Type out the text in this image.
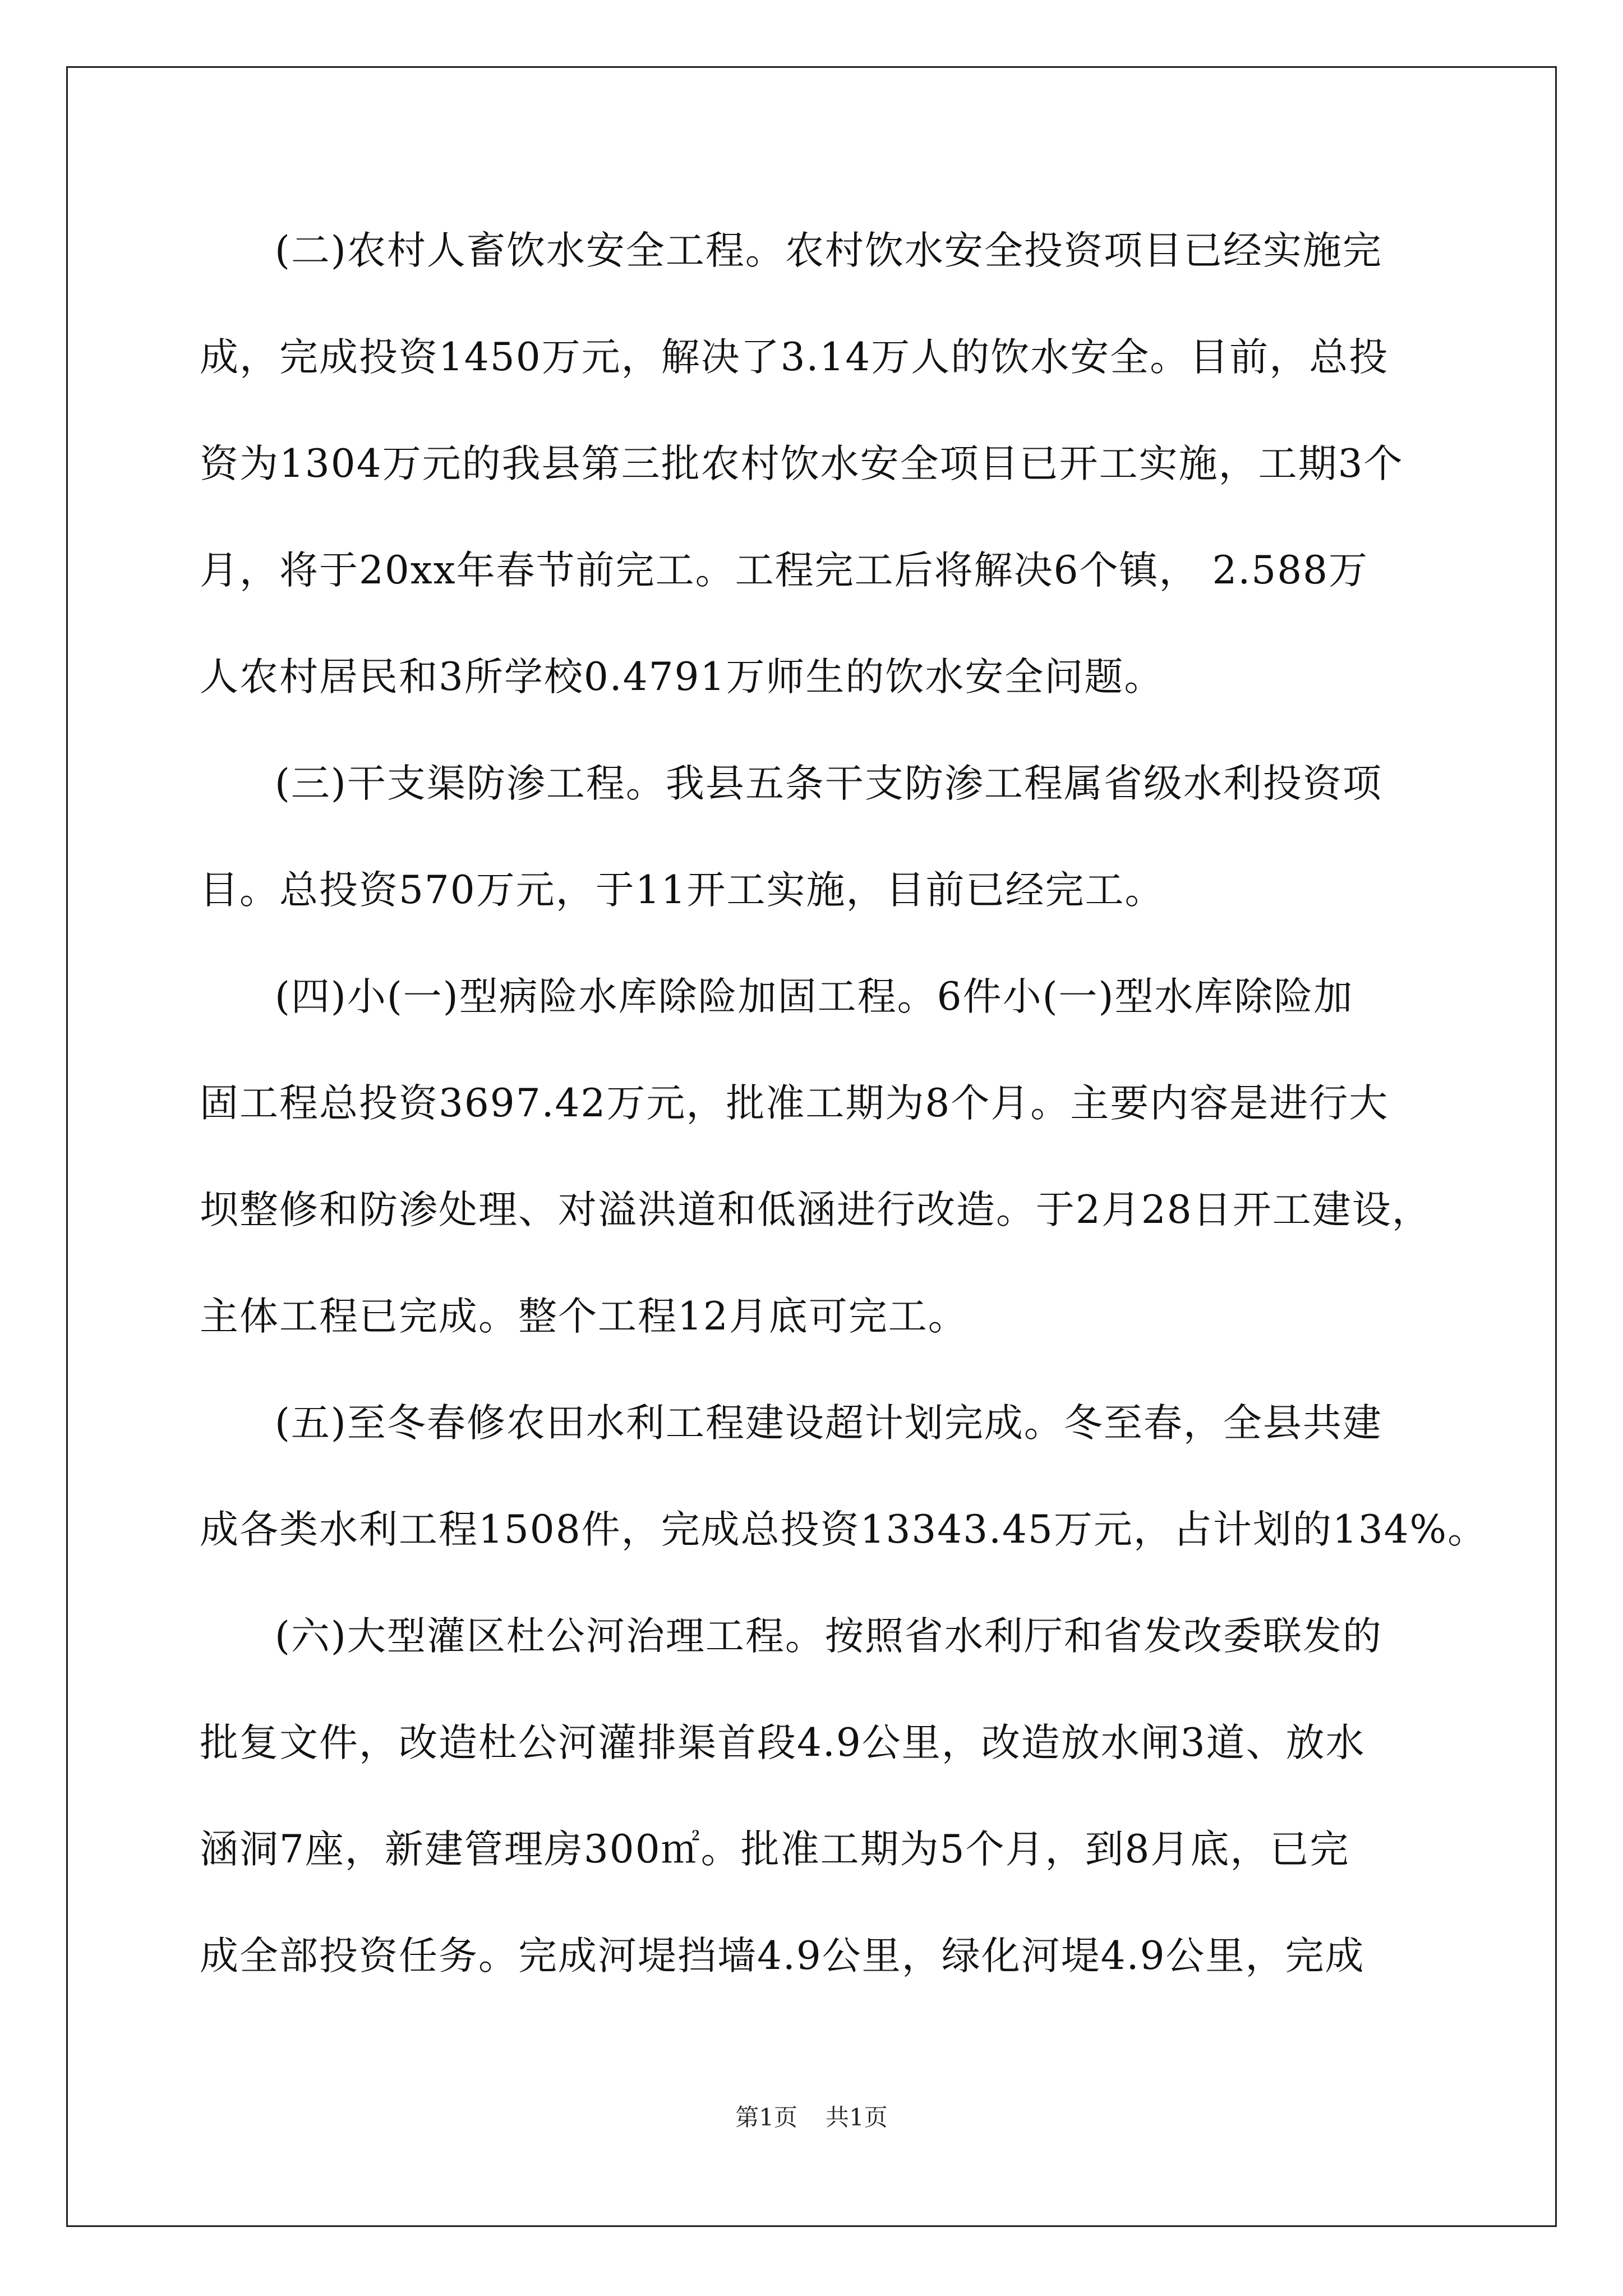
(二)农村人畜饮水安全工程。农村饮水安全投资项目已经实施完
成，完成投资1450万元，解决了3.14万人的饮水安全。目前，总投
资为1304万元的我县第三批农村饮水安全项目已开工实施，工期3个
月，将于20xx年春节前完工。工程完工后将解决6个镇， 2.588万
人农村居民和3所学校0.4791万师生的饮水安全问题。
(三)干支渠防渗工程。我县五条干支防渗工程属省级水利投资项
目。总投资570万元，于11开工实施，目前已经完工。
(四)小(一)型病险水库除险加固工程。6件小(一)型水库除险加
固工程总投资3697.42万元，批准工期为8个月。主要内容是进行大
坝整修和防渗处理、对溢洪道和低涵进行改造。于2月28日开工建设，
主体工程已完成。整个工程12月底可完工。
(五)至冬春修农田水利工程建设超计划完成。冬至春，全县共建
成各类水利工程1508件，完成总投资13343.45万元，占计划的134%。
(六)大型灌区杜公河治理工程。按照省水利厅和省发改委联发的
批复文件，改造杜公河灌排渠首段4.9公里，改造放水闸3道、放水
涵洞7座，新建管理房300㎡。批准工期为5个月，到8月底，已完
成全部投资任务。完成河堤挡墙4.9公里，绿化河堤4.9公里，完成
第1页 共1页
